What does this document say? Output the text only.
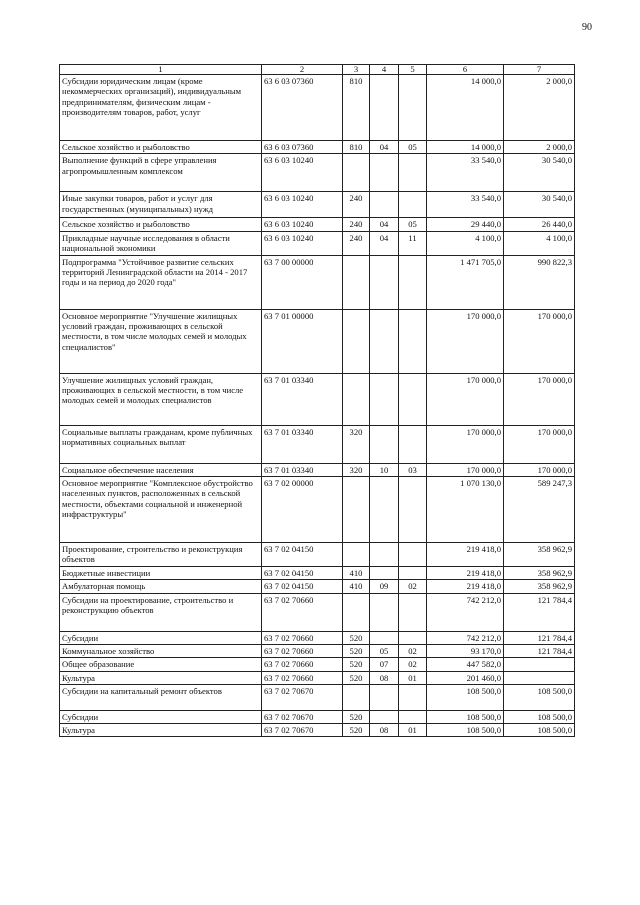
90
1	2	3	4	5	6	7
Субсидии юридическим лицам (кроме некоммерческих организаций), индивидуальным предпринимателям, физическим лицам - производителям товаров, работ, услуг	63 6 03 07360	810			14 000,0	2 000,0
Сельское хозяйство и рыболовство	63 6 03 07360	810	04	05	14 000,0	2 000,0
Выполнение функций в сфере управления агропромышленным комплексом	63 6 03 10240				33 540,0	30 540,0
Иные закупки товаров, работ и услуг для государственных (муниципальных) нужд	63 6 03 10240	240			33 540,0	30 540,0
Сельское хозяйство и рыболовство	63 6 03 10240	240	04	05	29 440,0	26 440,0
Прикладные научные исследования в области национальной экономики	63 6 03 10240	240	04	11	4 100,0	4 100,0
Подпрограмма "Устойчивое развитие сельских территорий Ленинградской области на 2014 - 2017 годы и на период до 2020 года"	63 7 00 00000				1 471 705,0	990 822,3
Основное мероприятие "Улучшение жилищных условий граждан, проживающих в сельской местности, в том числе молодых семей и молодых специалистов"	63 7 01 00000				170 000,0	170 000,0
Улучшение жилищных условий граждан, проживающих в сельской местности, в том числе молодых семей и молодых специалистов	63 7 01 03340				170 000,0	170 000,0
Социальные выплаты гражданам, кроме публичных нормативных социальных выплат	63 7 01 03340	320			170 000,0	170 000,0
Социальное обеспечение населения	63 7 01 03340	320	10	03	170 000,0	170 000,0
Основное мероприятие "Комплексное обустройство населенных пунктов, расположенных в сельской местности, объектами социальной и инженерной инфраструктуры"	63 7 02 00000				1 070 130,0	589 247,3
Проектирование, строительство и реконструкция объектов	63 7 02 04150				219 418,0	358 962,9
Бюджетные инвестиции	63 7 02 04150	410			219 418,0	358 962,9
Амбулаторная помощь	63 7 02 04150	410	09	02	219 418,0	358 962,9
Субсидии на проектирование, строительство и реконструкцию объектов	63 7 02 70660				742 212,0	121 784,4
Субсидии	63 7 02 70660	520			742 212,0	121 784,4
Коммунальное хозяйство	63 7 02 70660	520	05	02	93 170,0	121 784,4
Общее образование	63 7 02 70660	520	07	02	447 582,0	
Культура	63 7 02 70660	520	08	01	201 460,0	
Субсидии на капитальный ремонт объектов	63 7 02 70670				108 500,0	108 500,0
Субсидии	63 7 02 70670	520			108 500,0	108 500,0
Культура	63 7 02 70670	520	08	01	108 500,0	108 500,0
